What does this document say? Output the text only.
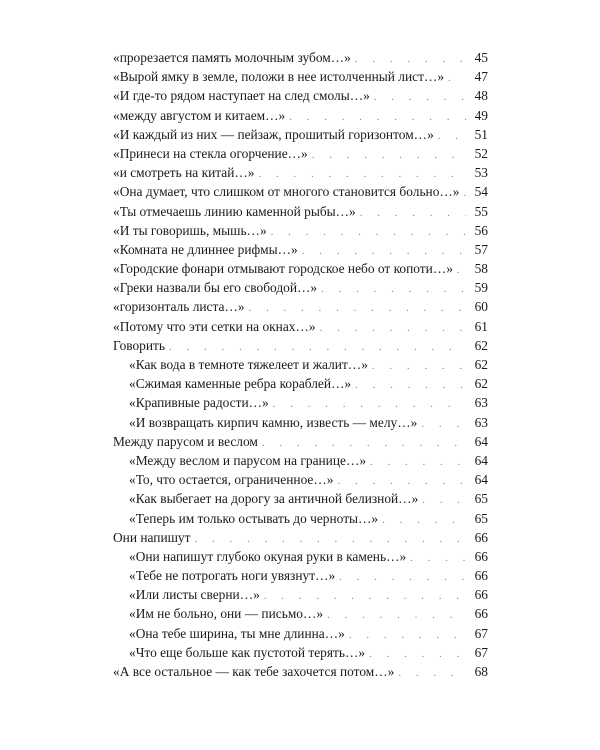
«прорезается память молочным зубом…» . . .	45
«Вырой ямку в земле, положи в нее истолченный лист…» . . .	47
«И где-то рядом наступает на след смолы…» . . .	48
«между августом и китаем…» . . .	49
«И каждый из них — пейзаж, прошитый горизонтом…» . . .	51
«Принеси на стекла огорчение…» . . .	52
«и смотреть на китай…» . . .	53
«Она думает, что слишком от многого становится больно…» . . .	54
«Ты отмечаешь линию каменной рыбы…» . . .	55
«И ты говоришь, мышь…» . . .	56
«Комната не длиннее рифмы…» . . .	57
«Городские фонари отмывают городское небо от копоти…» . . .	58
«Греки назвали бы его свободой…» . . .	59
«горизонталь листа…» . . .	60
«Потому что эти сетки на окнах…» . . .	61
Говорить . . .	62
«Как вода в темноте тяжелеет и жалит…» . . .	62
«Сжимая каменные ребра кораблей…» . . .	62
«Крапивные радости…» . . .	63
«И возвращать кирпич камню, известь — мелу…» . . .	63
Между парусом и веслом . . .	64
«Между веслом и парусом на границе…» . . .	64
«То, что остается, ограниченное…» . . .	64
«Как выбегает на дорогу за античной белизной…» . . .	65
«Теперь им только остывать до черноты…» . . .	65
Они напишут . . .	66
«Они напишут глубоко окуная руки в камень…» . . .	66
«Тебе не потрогать ноги увязнут…» . . .	66
«Или листы сверни…» . . .	66
«Им не больно, они — письмо…» . . .	66
«Она тебе ширина, ты мне длинна…» . . .	67
«Что еще больше как пустотой терять…» . . .	67
«А все остальное — как тебе захочется потом…» . . .	68
